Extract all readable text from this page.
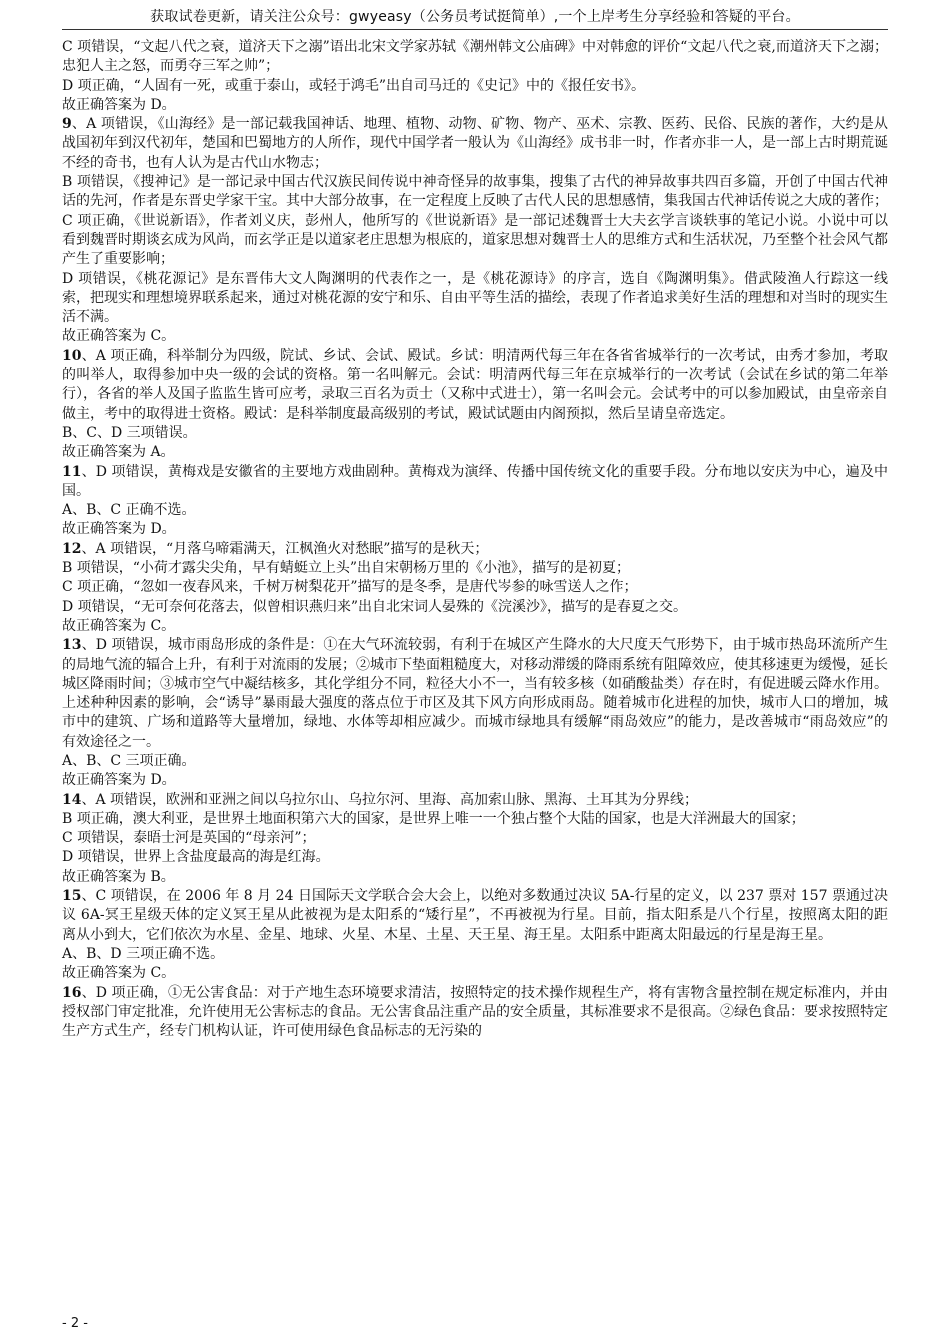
获取试卷更新，请关注公众号：gwyeasy（公务员考试挺简单）,一个上岸考生分享经验和答疑的平台。

C 项错误，“文起八代之衰，道济天下之溺”语出北宋文学家苏轼《潮州韩文公庙碑》中对韩愈的评价“文起八代之衰,而道济天下之溺；忠犯人主之怒，而勇夺三军之帅”；

D 项正确，“人固有一死，或重于泰山，或轻于鸿毛”出自司马迁的《史记》中的《报任安书》。

故正确答案为 D。

9、A 项错误，《山海经》是一部记载我国神话、地理、植物、动物、矿物、物产、巫术、宗教、医药、民俗、民族的著作，大约是从战国初年到汉代初年，楚国和巴蜀地方的人所作，现代中国学者一般认为《山海经》成书非一时，作者亦非一人，是一部上古时期荒诞不经的奇书，也有人认为是古代山水物志；

B 项错误，《搜神记》是一部记录中国古代汉族民间传说中神奇怪异的故事集，搜集了古代的神异故事共四百多篇，开创了中国古代神话的先河，作者是东晋史学家干宝。其中大部分故事，在一定程度上反映了古代人民的思想感情，集我国古代神话传说之大成的著作；

C 项正确，《世说新语》，作者刘义庆，彭州人，他所写的《世说新语》是一部记述魏晋士大夫玄学言谈轶事的笔记小说。小说中可以看到魏晋时期谈玄成为风尚，而玄学正是以道家老庄思想为根底的，道家思想对魏晋士人的思维方式和生活状况，乃至整个社会风气都产生了重要影响；

D 项错误，《桃花源记》是东晋伟大文人陶渊明的代表作之一，是《桃花源诗》的序言，选自《陶渊明集》。借武陵渔人行踪这一线索，把现实和理想境界联系起来，通过对桃花源的安宁和乐、自由平等生活的描绘，表现了作者追求美好生活的理想和对当时的现实生活不满。

故正确答案为 C。

10、A 项正确，科举制分为四级，院试、乡试、会试、殿试。乡试：明清两代每三年在各省省城举行的一次考试，由秀才参加，考取的叫举人，取得参加中央一级的会试的资格。第一名叫解元。会试：明清两代每三年在京城举行的一次考试（会试在乡试的第二年举行），各省的举人及国子监监生皆可应考，录取三百名为贡士（又称中式进士），第一名叫会元。会试考中的可以参加殿试，由皇帝亲自做主，考中的取得进士资格。殿试：是科举制度最高级别的考试，殿试试题由内阁预拟，然后呈请皇帝选定。

B、C、D 三项错误。

故正确答案为 A。

11、D 项错误，黄梅戏是安徽省的主要地方戏曲剧种。黄梅戏为演绎、传播中国传统文化的重要手段。分布地以安庆为中心，遍及中国。

A、B、C 正确不选。

故正确答案为 D。

12、A 项错误，“月落乌啼霜满天，江枫渔火对愁眠”描写的是秋天；

B 项错误，“小荷才露尖尖角，早有蜻蜓立上头”出自宋朝杨万里的《小池》，描写的是初夏；

C 项正确，“忽如一夜春风来，千树万树梨花开”描写的是冬季，是唐代岑参的咏雪送人之作；

D 项错误，“无可奈何花落去，似曾相识燕归来”出自北宋词人晏殊的《浣溪沙》，描写的是春夏之交。

故正确答案为 C。

13、D 项错误，城市雨岛形成的条件是：①在大气环流较弱，有利于在城区产生降水的大尺度天气形势下，由于城市热岛环流所产生的局地气流的辐合上升，有利于对流雨的发展；②城市下垫面粗糙度大，对移动滞缓的降雨系统有阻障效应，使其移速更为缓慢，延长城区降雨时间；③城市空气中凝结核多，其化学组分不同，粒径大小不一，当有较多核（如硝酸盐类）存在时，有促进暖云降水作用。上述种种因素的影响，会“诱导”暴雨最大强度的落点位于市区及其下风方向形成雨岛。随着城市化进程的加快，城市人口的增加，城市中的建筑、广场和道路等大量增加，绿地、水体等却相应减少。而城市绿地具有缓解“雨岛效应”的能力，是改善城市“雨岛效应”的有效途径之一。

A、B、C 三项正确。

故正确答案为 D。

14、A 项错误，欧洲和亚洲之间以乌拉尔山、乌拉尔河、里海、高加索山脉、黑海、土耳其为分界线；

B 项正确，澳大利亚，是世界土地面积第六大的国家，是世界上唯一一个独占整个大陆的国家，也是大洋洲最大的国家；

C 项错误，泰晤士河是英国的“母亲河”；

D 项错误，世界上含盐度最高的海是红海。

故正确答案为 B。

15、C 项错误，在 2006 年 8 月 24 日国际天文学联合会大会上，以绝对多数通过决议 5A-行星的定义，以 237 票对 157 票通过决议 6A-冥王星级天体的定义冥王星从此被视为是太阳系的“矮行星”，不再被视为行星。目前，指太阳系是八个行星，按照离太阳的距离从小到大，它们依次为水星、金星、地球、火星、木星、土星、天王星、海王星。太阳系中距离太阳最远的行星是海王星。

A、B、D 三项正确不选。

故正确答案为 C。

16、D 项正确，①无公害食品：对于产地生态环境要求清洁，按照特定的技术操作规程生产，将有害物含量控制在规定标准内，并由授权部门审定批准，允许使用无公害标志的食品。无公害食品注重产品的安全质量，其标准要求不是很高。②绿色食品：要求按照特定生产方式生产，经专门机构认证，许可使用绿色食品标志的无污染的

- 2 -
